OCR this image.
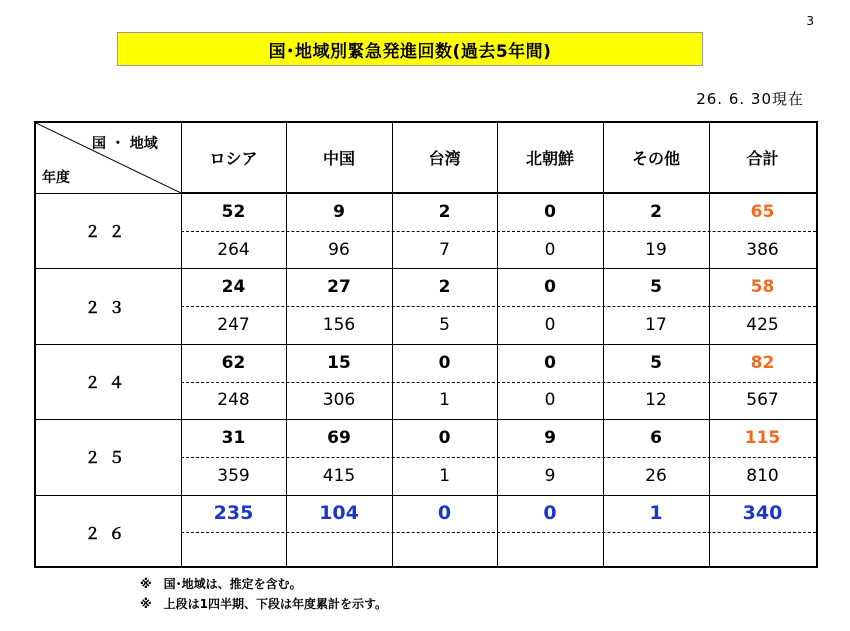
3
国･地域別緊急発進回数(過去5年間)
26. 6. 30現在
国 ・ 地域
年度
ロシア	中国	台湾	北朝鮮	その他	合計
２２
52	9	2	0	2	65
264	96	7	0	19	386
２３
24	27	2	0	5	58
247	156	5	0	17	425
２４
62	15	0	0	5	82
248	306	1	0	12	567
２５
31	69	0	9	6	115
359	415	1	9	26	810
２６
235	104	0	0	1	340
※　国･地域は、推定を含む。
※　上段は1四半期、下段は年度累計を示す。
